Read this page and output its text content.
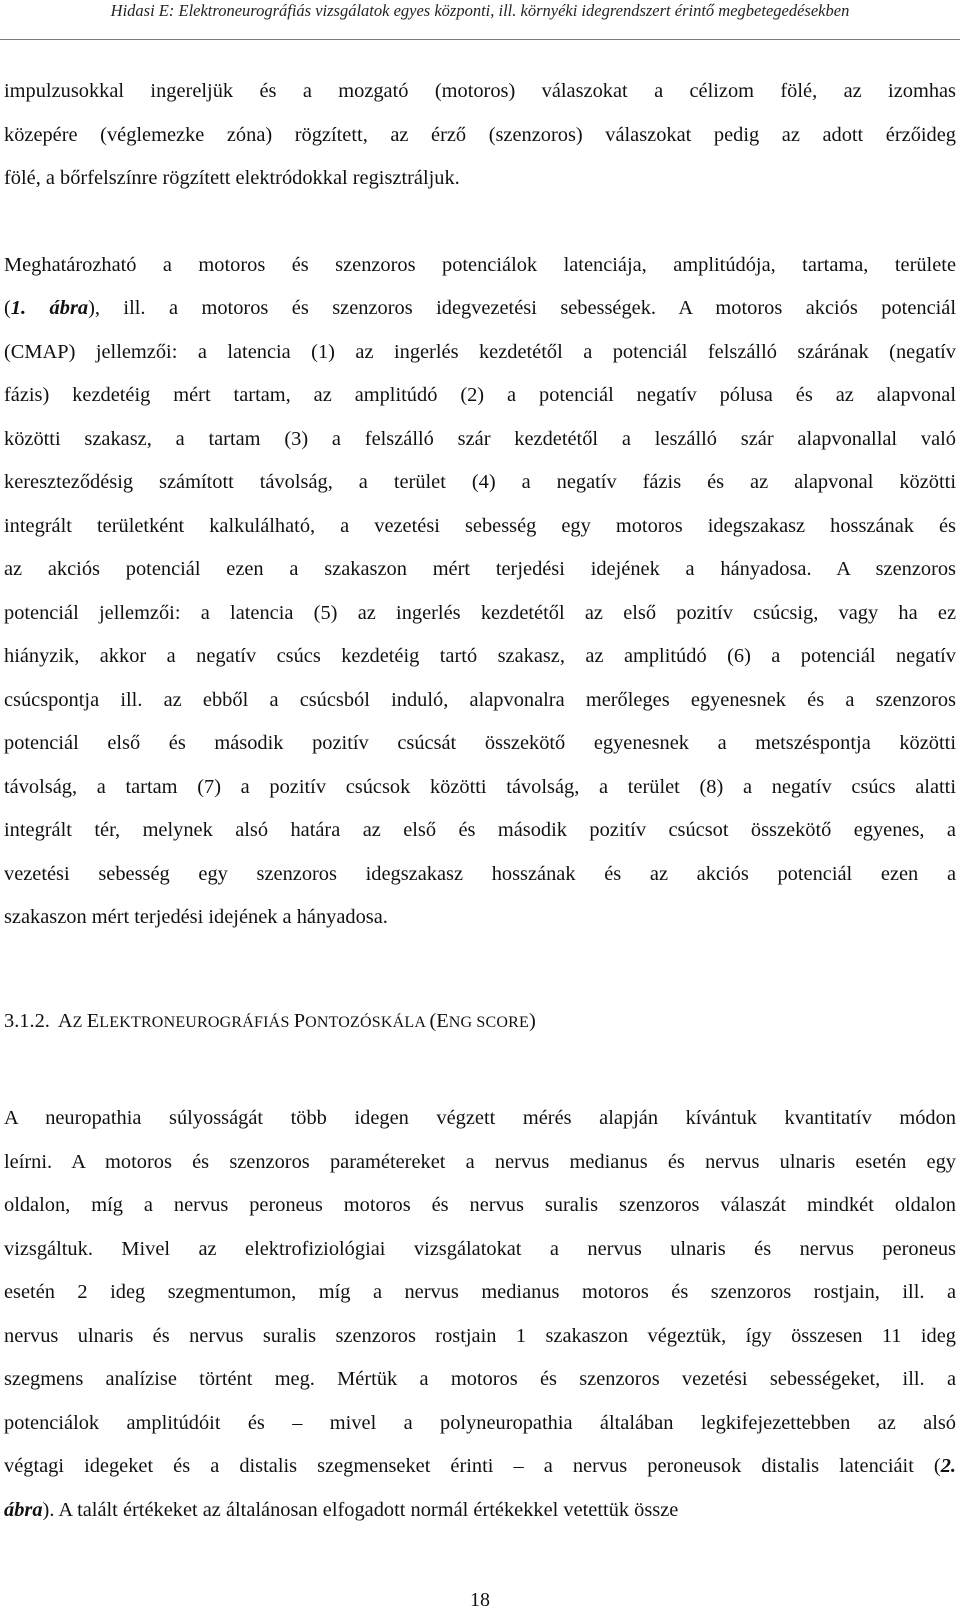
Hidasi E: Elektroneurográfiás vizsgálatok egyes központi, ill. környéki idegrendszert érintő megbetegedésekben

impulzusokkal ingereljük és a mozgató (motoros) válaszokat a célizom fölé, az izomhas
közepére (véglemezke zóna) rögzített, az érző (szenzoros) válaszokat pedig az adott érzőideg
fölé, a bőrfelszínre rögzített elektródokkal regisztráljuk.

Meghatározható a motoros és szenzoros potenciálok latenciája, amplitúdója, tartama, területe
(1. ábra), ill. a motoros és szenzoros idegvezetési sebességek. A motoros akciós potenciál
(CMAP) jellemzői: a latencia (1) az ingerlés kezdetétől a potenciál felszálló szárának (negatív
fázis) kezdetéig mért tartam, az amplitúdó (2) a potenciál negatív pólusa és az alapvonal
közötti szakasz, a tartam (3) a felszálló szár kezdetétől a leszálló szár alapvonallal való
kereszteződésig számított távolság, a terület (4) a negatív fázis és az alapvonal közötti
integrált területként kalkulálható, a vezetési sebesség egy motoros idegszakasz hosszának és
az akciós potenciál ezen a szakaszon mért terjedési idejének a hányadosa. A szenzoros
potenciál jellemzői: a latencia (5) az ingerlés kezdetétől az első pozitív csúcsig, vagy ha ez
hiányzik, akkor a negatív csúcs kezdetéig tartó szakasz, az amplitúdó (6) a potenciál negatív
csúcspontja ill. az ebből a csúcsból induló, alapvonalra merőleges egyenesnek és a szenzoros
potenciál első és második pozitív csúcsát összekötő egyenesnek a metszéspontja közötti
távolság, a tartam (7) a pozitív csúcsok közötti távolság, a terület (8) a negatív csúcs alatti
integrált tér, melynek alsó határa az első és második pozitív csúcsot összekötő egyenes, a
vezetési sebesség egy szenzoros idegszakasz hosszának és az akciós potenciál ezen a
szakaszon mért terjedési idejének a hányadosa.

3.1.2. AZ ELEKTRONEUROGRÁFIÁS PONTOZÓSKÁLA (ENG SCORE)

A neuropathia súlyosságát több idegen végzett mérés alapján kívántuk kvantitatív módon
leírni. A motoros és szenzoros paramétereket a nervus medianus és nervus ulnaris esetén egy
oldalon, míg a nervus peroneus motoros és nervus suralis szenzoros válaszát mindkét oldalon
vizsgáltuk. Mivel az elektrofiziológiai vizsgálatokat a nervus ulnaris és nervus peroneus
esetén 2 ideg szegmentumon, míg a nervus medianus motoros és szenzoros rostjain, ill. a
nervus ulnaris és nervus suralis szenzoros rostjain 1 szakaszon végeztük, így összesen 11 ideg
szegmens analízise történt meg. Mértük a motoros és szenzoros vezetési sebességeket, ill. a
potenciálok amplitúdóit és – mivel a polyneuropathia általában legkifejezettebben az alsó
végtagi idegeket és a distalis szegmenseket érinti – a nervus peroneusok distalis latenciáit (2.
ábra). A talált értékeket az általánosan elfogadott normál értékekkel vetettük össze

18
